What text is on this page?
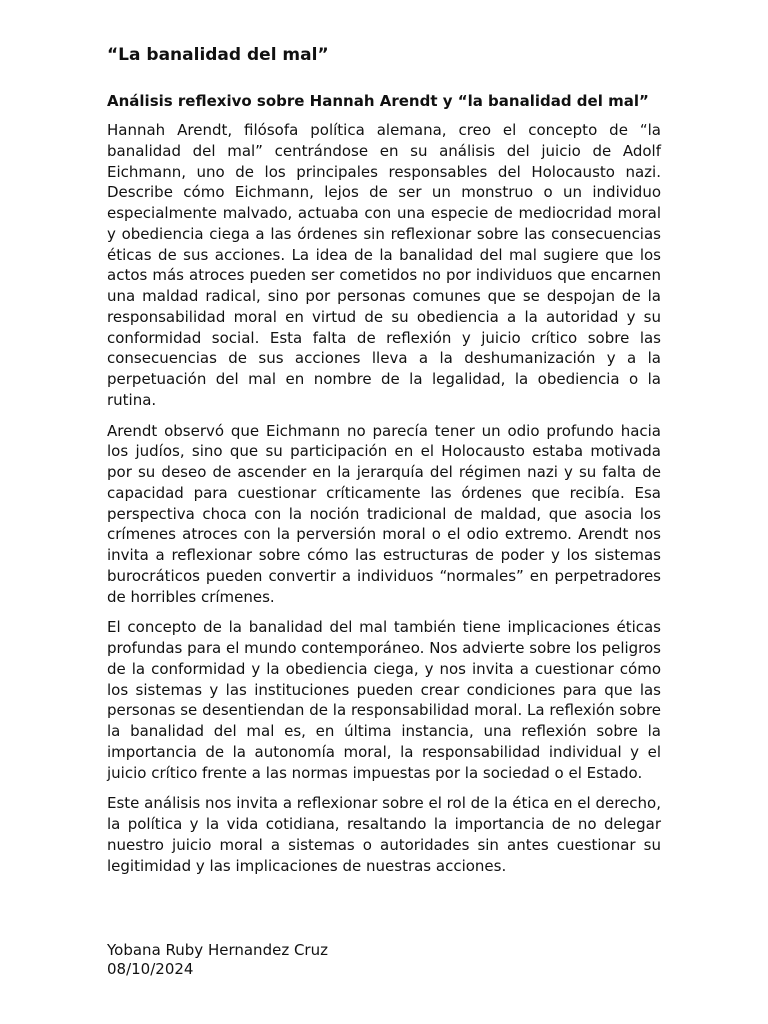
“La banalidad del mal”
Análisis reflexivo sobre Hannah Arendt y “la banalidad del mal”

Hannah Arendt, filósofa política alemana, creo el concepto de “la banalidad del mal” centrándose en su análisis del juicio de Adolf Eichmann, uno de los principales responsables del Holocausto nazi. Describe cómo Eichmann, lejos de ser un monstruo o un individuo especialmente malvado, actuaba con una especie de mediocridad moral y obediencia ciega a las órdenes sin reflexionar sobre las consecuencias éticas de sus acciones. La idea de la banalidad del mal sugiere que los actos más atroces pueden ser cometidos no por individuos que encarnen una maldad radical, sino por personas comunes que se despojan de la responsabilidad moral en virtud de su obediencia a la autoridad y su conformidad social. Esta falta de reflexión y juicio crítico sobre las consecuencias de sus acciones lleva a la deshumanización y a la perpetuación del mal en nombre de la legalidad, la obediencia o la rutina.

Arendt observó que Eichmann no parecía tener un odio profundo hacia los judíos, sino que su participación en el Holocausto estaba motivada por su deseo de ascender en la jerarquía del régimen nazi y su falta de capacidad para cuestionar críticamente las órdenes que recibía. Esa perspectiva choca con la noción tradicional de maldad, que asocia los crímenes atroces con la perversión moral o el odio extremo. Arendt nos invita a reflexionar sobre cómo las estructuras de poder y los sistemas burocráticos pueden convertir a individuos “normales” en perpetradores de horribles crímenes.

El concepto de la banalidad del mal también tiene implicaciones éticas profundas para el mundo contemporáneo. Nos advierte sobre los peligros de la conformidad y la obediencia ciega, y nos invita a cuestionar cómo los sistemas y las instituciones pueden crear condiciones para que las personas se desentiendan de la responsabilidad moral. La reflexión sobre la banalidad del mal es, en última instancia, una reflexión sobre la importancia de la autonomía moral, la responsabilidad individual y el juicio crítico frente a las normas impuestas por la sociedad o el Estado.

Este análisis nos invita a reflexionar sobre el rol de la ética en el derecho, la política y la vida cotidiana, resaltando la importancia de no delegar nuestro juicio moral a sistemas o autoridades sin antes cuestionar su legitimidad y las implicaciones de nuestras acciones.

Yobana Ruby Hernandez Cruz
08/10/2024
